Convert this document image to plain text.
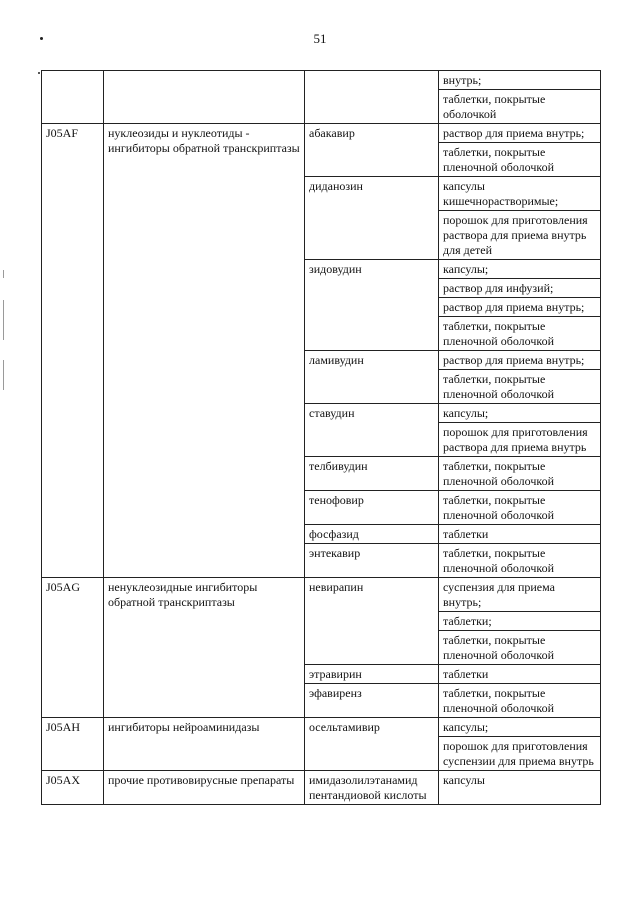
51
			внутрь;
			таблетки, покрытые оболочкой
J05AF	нуклеозиды и нуклеотиды - ингибиторы обратной транскриптазы	абакавир	раствор для приема внутрь;
			таблетки, покрытые пленочной оболочкой
		диданозин	капсулы кишечнорастворимые;
			порошок для приготовления раствора для приема внутрь для детей
		зидовудин	капсулы;
			раствор для инфузий;
			раствор для приема внутрь;
			таблетки, покрытые пленочной оболочкой
		ламивудин	раствор для приема внутрь;
			таблетки, покрытые пленочной оболочкой
		ставудин	капсулы;
			порошок для приготовления раствора для приема внутрь
		телбивудин	таблетки, покрытые пленочной оболочкой
		тенофовир	таблетки, покрытые пленочной оболочкой
		фосфазид	таблетки
		энтекавир	таблетки, покрытые пленочной оболочкой
J05AG	ненуклеозидные ингибиторы обратной транскриптазы	невирапин	суспензия для приема внутрь;
			таблетки;
			таблетки, покрытые пленочной оболочкой
		этравирин	таблетки
		эфавиренз	таблетки, покрытые пленочной оболочкой
J05AH	ингибиторы нейроаминидазы	осельтамивир	капсулы;
			порошок для приготовления суспензии для приема внутрь
J05AX	прочие противовирусные препараты	имидазолилэтанамид пентандиовой кислоты	капсулы
